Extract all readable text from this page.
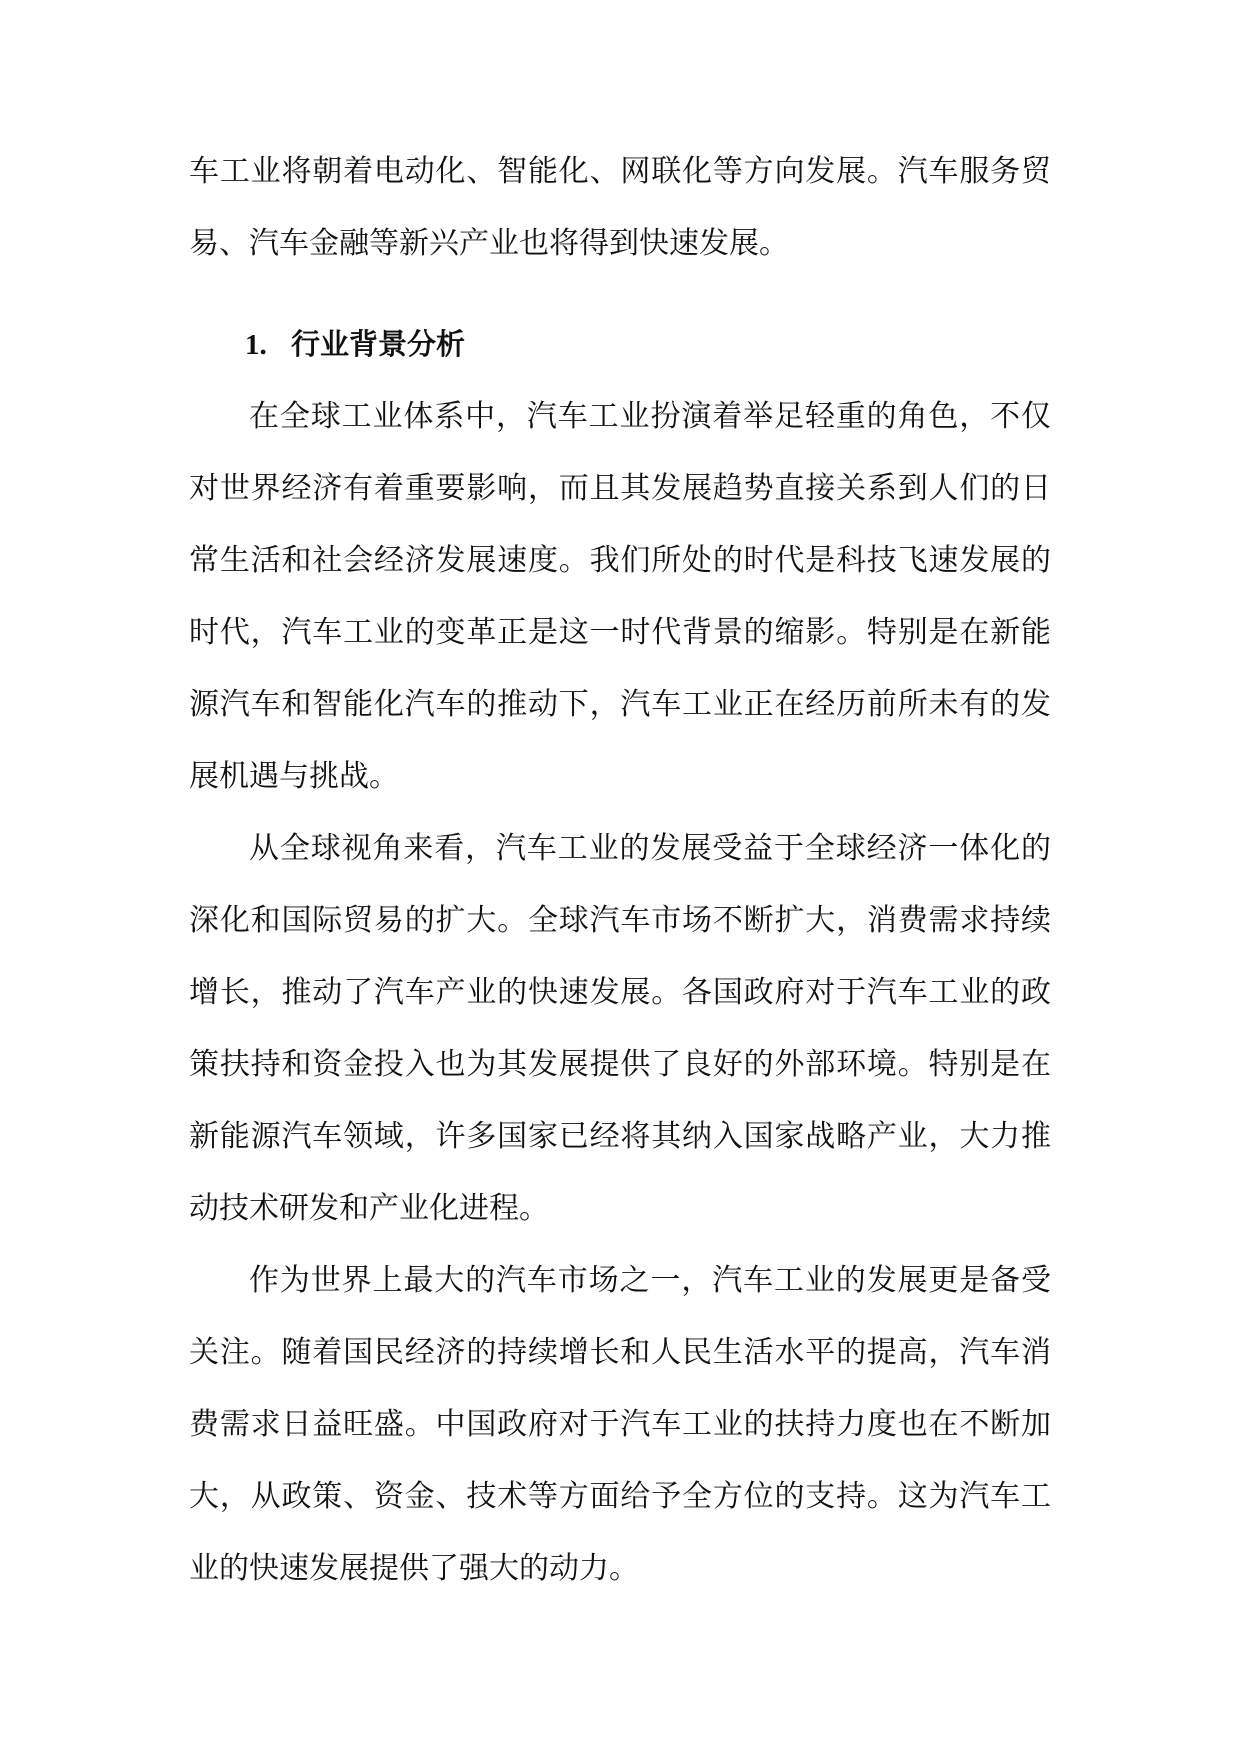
车工业将朝着电动化、智能化、网联化等方向发展。汽车服务贸易、汽车金融等新兴产业也将得到快速发展。

1. 行业背景分析

在全球工业体系中，汽车工业扮演着举足轻重的角色，不仅对世界经济有着重要影响，而且其发展趋势直接关系到人们的日常生活和社会经济发展速度。我们所处的时代是科技飞速发展的时代，汽车工业的变革正是这一时代背景的缩影。特别是在新能源汽车和智能化汽车的推动下，汽车工业正在经历前所未有的发展机遇与挑战。

从全球视角来看，汽车工业的发展受益于全球经济一体化的深化和国际贸易的扩大。全球汽车市场不断扩大，消费需求持续增长，推动了汽车产业的快速发展。各国政府对于汽车工业的政策扶持和资金投入也为其发展提供了良好的外部环境。特别是在新能源汽车领域，许多国家已经将其纳入国家战略产业，大力推动技术研发和产业化进程。

作为世界上最大的汽车市场之一，汽车工业的发展更是备受关注。随着国民经济的持续增长和人民生活水平的提高，汽车消费需求日益旺盛。中国政府对于汽车工业的扶持力度也在不断加大，从政策、资金、技术等方面给予全方位的支持。这为汽车工业的快速发展提供了强大的动力。
